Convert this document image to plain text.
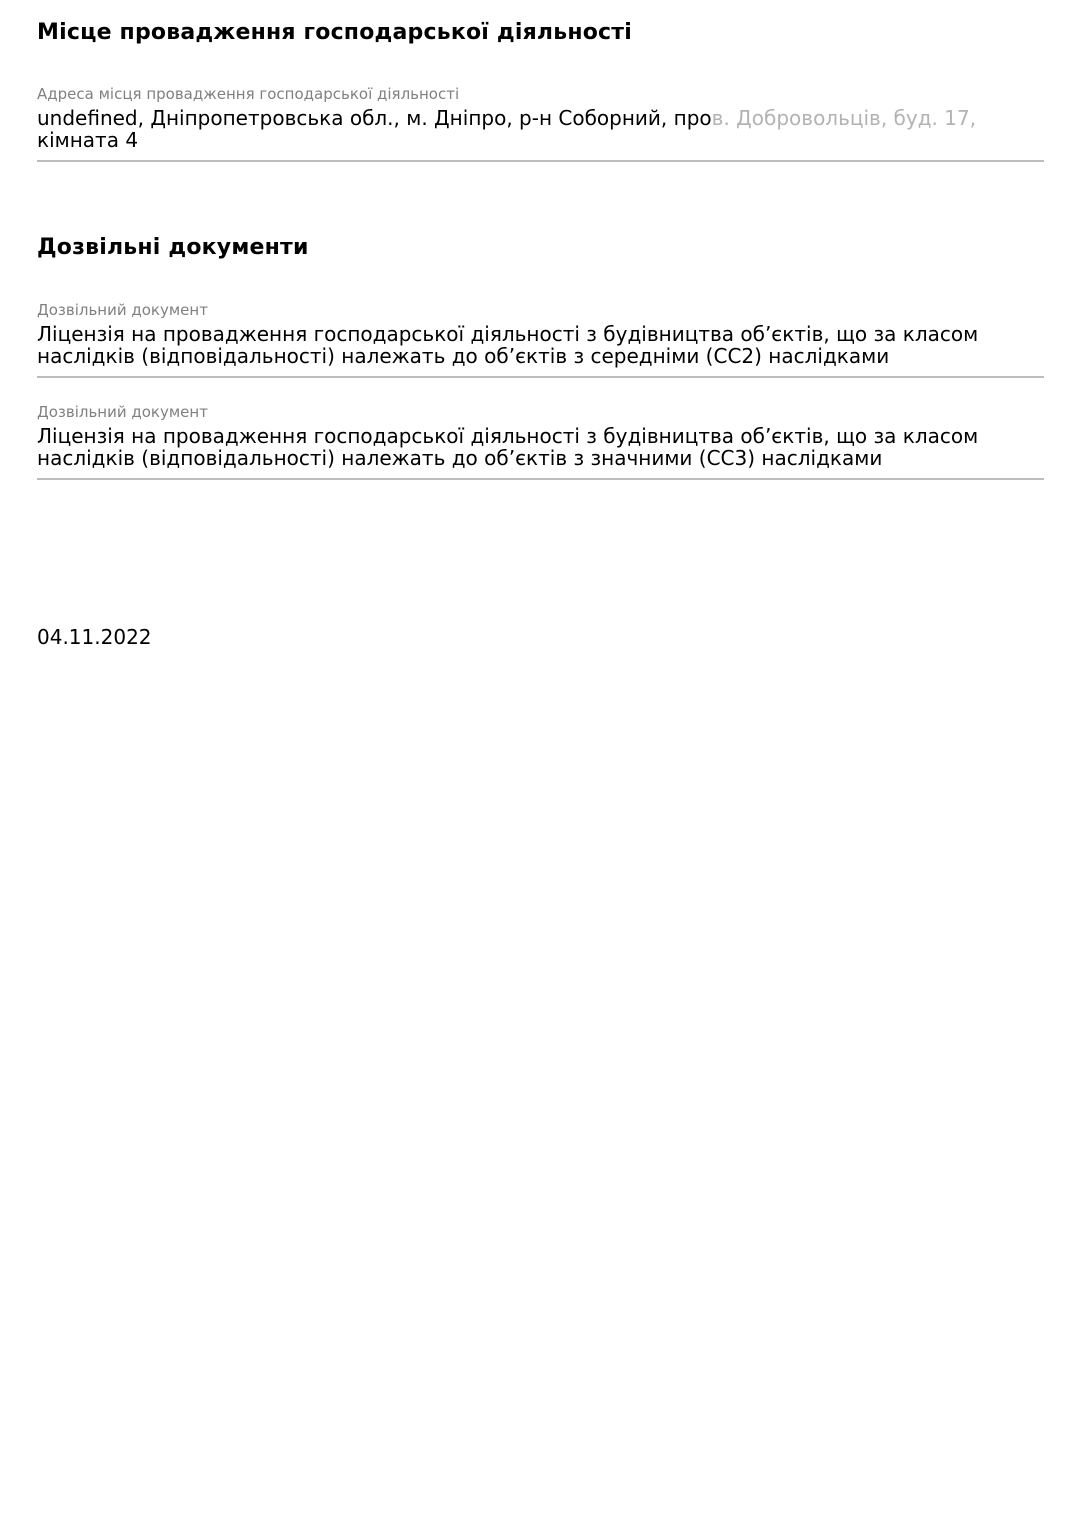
Місце провадження господарської діяльності
Адреса місця провадження господарської діяльності
undefined, Дніпропетровська обл., м. Дніпро, р-н Соборний, пров. Добровольців, буд. 17,
кімната 4
Дозвільні документи
Дозвільний документ
Ліцензія на провадження господарської діяльності з будівництва об’єктів, що за класом наслідків (відповідальності) належать до об’єктів з середніми (СС2) наслідками
Дозвільний документ
Ліцензія на провадження господарської діяльності з будівництва об’єктів, що за класом наслідків (відповідальності) належать до об’єктів з значними (СС3) наслідками
04.11.2022
